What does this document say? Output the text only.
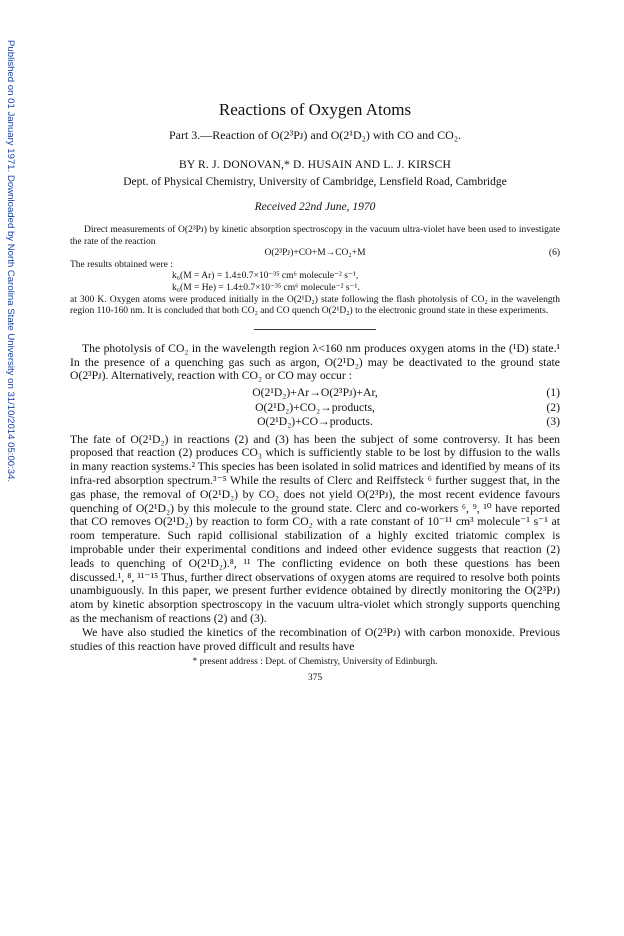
Published on 01 January 1971. Downloaded by North Carolina State University on 31/10/2014 05:00:34.	Reactions of Oxygen Atoms
Part 3.—Reaction of O(2³Pᴊ) and O(2¹D₂) with CO and CO₂.
BY R. J. DONOVAN,* D. HUSAIN AND L. J. KIRSCH
Dept. of Physical Chemistry, University of Cambridge, Lensfield Road, Cambridge
Received 22nd June, 1970

Direct measurements of O(2³Pᴊ) by kinetic absorption spectroscopy in the vacuum ultra-violet have been used to investigate the rate of the reaction

O(2³Pᴊ)+CO+M→CO₂+M	(6)

The results obtained were :

k₆(M = Ar) = 1.4±0.7×10⁻³⁵ cm⁶ molecule⁻² s⁻¹,

k₆(M = He) = 1.4±0.7×10⁻³⁵ cm⁶ molecule⁻² s⁻¹.

at 300 K. Oxygen atoms were produced initially in the O(2¹D₂) state following the flash photolysis of CO₂ in the wavelength region 110-160 nm. It is concluded that both CO₂ and CO quench O(2¹D₂) to the electronic ground state in these experiments.

The photolysis of CO₂ in the wavelength region λ<160 nm produces oxygen atoms in the (¹D) state.¹ In the presence of a quenching gas such as argon, O(2¹D₂) may be deactivated to the ground state O(2³Pᴊ). Alternatively, reaction with CO₂ or CO may occur :

O(2¹D₂)+Ar→O(2³Pᴊ)+Ar,	(1)
O(2¹D₂)+CO₂→products,	(2)
O(2¹D₂)+CO→products.	(3)

The fate of O(2¹D₂) in reactions (2) and (3) has been the subject of some controversy. It has been proposed that reaction (2) produces CO₃ which is sufficiently stable to be lost by diffusion to the walls in many reaction systems.² This species has been isolated in solid matrices and identified by means of its infra-red absorption spectrum.³⁻⁵ While the results of Clerc and Reiffsteck ⁶ further suggest that, in the gas phase, the removal of O(2¹D₂) by CO₂ does not yield O(2³Pᴊ), the most recent evidence favours quenching of O(2¹D₂) by this molecule to the ground state. Clerc and co-workers ⁶, ⁹, ¹⁰ have reported that CO removes O(2¹D₂) by reaction to form CO₂ with a rate constant of 10⁻¹¹ cm³ molecule⁻¹ s⁻¹ at room temperature. Such rapid collisional stabilization of a highly excited triatomic complex is improbable under their experimental conditions and indeed other evidence suggests that reaction (2) leads to quenching of O(2¹D₂).⁸, ¹¹ The conflicting evidence on both these questions has been discussed.¹, ⁸, ¹¹⁻¹⁵ Thus, further direct observations of oxygen atoms are required to resolve both points unambiguously. In this paper, we present further evidence obtained by directly monitoring the O(2³Pᴊ) atom by kinetic absorption spectroscopy in the vacuum ultra-violet which strongly supports quenching as the mechanism of reactions (2) and (3).

We have also studied the kinetics of the recombination of O(2³Pᴊ) with carbon monoxide. Previous studies of this reaction have proved difficult and results have

* present address : Dept. of Chemistry, University of Edinburgh.
375
